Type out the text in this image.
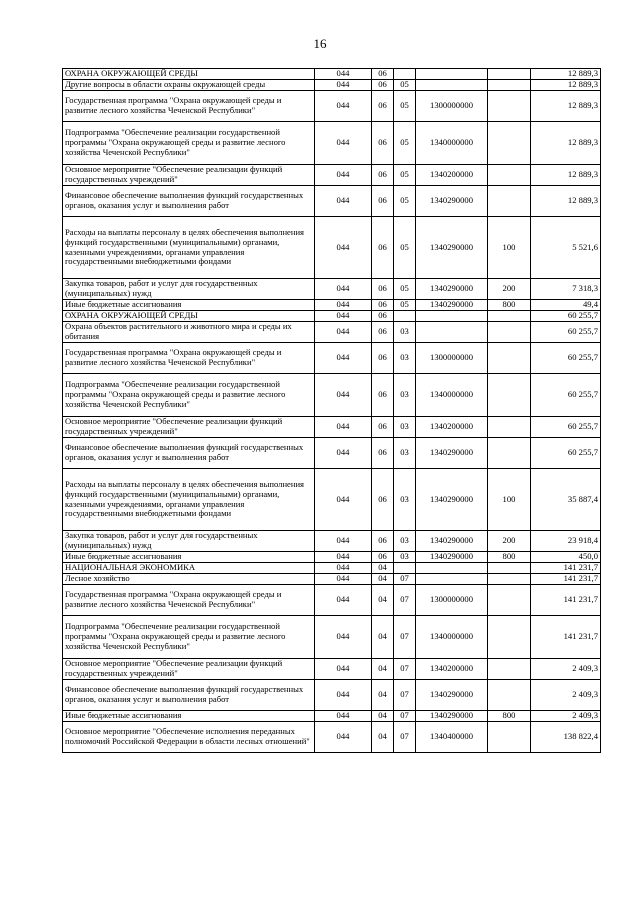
16
ОХРАНА ОКРУЖАЮЩЕЙ СРЕДЫ	044	06				12 889,3
Другие вопросы в области охраны окружающей среды	044	06	05			12 889,3
Государственная программа "Охрана окружающей среды и развитие лесного хозяйства Чеченской Республики"	044	06	05	1300000000		12 889,3
Подпрограмма "Обеспечение реализации государственной программы "Охрана окружающей среды и развитие лесного хозяйства Чеченской Республики"	044	06	05	1340000000		12 889,3
Основное мероприятие "Обеспечение реализации функций государственных учреждений"	044	06	05	1340200000		12 889,3
Финансовое обеспечение выполнения функций государственных органов, оказания услуг и выполнения работ	044	06	05	1340290000		12 889,3
Расходы на выплаты персоналу в целях обеспечения выполнения функций государственными (муниципальными) органами, казенными учреждениями, органами управления государственными внебюджетными фондами	044	06	05	1340290000	100	5 521,6
Закупка товаров, работ и услуг для государственных (муниципальных) нужд	044	06	05	1340290000	200	7 318,3
Иные бюджетные ассигнования	044	06	05	1340290000	800	49,4
ОХРАНА ОКРУЖАЮЩЕЙ СРЕДЫ	044	06				60 255,7
Охрана объектов растительного и животного мира и среды их обитания	044	06	03			60 255,7
Государственная программа "Охрана окружающей среды и развитие лесного хозяйства Чеченской Республики"	044	06	03	1300000000		60 255,7
Подпрограмма "Обеспечение реализации государственной программы "Охрана окружающей среды и развитие лесного хозяйства Чеченской Республики"	044	06	03	1340000000		60 255,7
Основное мероприятие "Обеспечение реализации функций государственных учреждений"	044	06	03	1340200000		60 255,7
Финансовое обеспечение выполнения функций государственных органов, оказания услуг и выполнения работ	044	06	03	1340290000		60 255,7
Расходы на выплаты персоналу в целях обеспечения выполнения функций государственными (муниципальными) органами, казенными учреждениями, органами управления государственными внебюджетными фондами	044	06	03	1340290000	100	35 887,4
Закупка товаров, работ и услуг для государственных (муниципальных) нужд	044	06	03	1340290000	200	23 918,4
Иные бюджетные ассигнования	044	06	03	1340290000	800	450,0
НАЦИОНАЛЬНАЯ ЭКОНОМИКА	044	04				141 231,7
Лесное хозяйство	044	04	07			141 231,7
Государственная программа "Охрана окружающей среды и развитие лесного хозяйства Чеченской Республики"	044	04	07	1300000000		141 231,7
Подпрограмма "Обеспечение реализации государственной программы "Охрана окружающей среды и развитие лесного хозяйства Чеченской Республики"	044	04	07	1340000000		141 231,7
Основное мероприятие "Обеспечение реализации функций государственных учреждений"	044	04	07	1340200000		2 409,3
Финансовое обеспечение выполнения функций государственных органов, оказания услуг и выполнения работ	044	04	07	1340290000		2 409,3
Иные бюджетные ассигнования	044	04	07	1340290000	800	2 409,3
Основное мероприятие "Обеспечение исполнения переданных полномочий Российской Федерации в области лесных отношений"	044	04	07	1340400000		138 822,4
